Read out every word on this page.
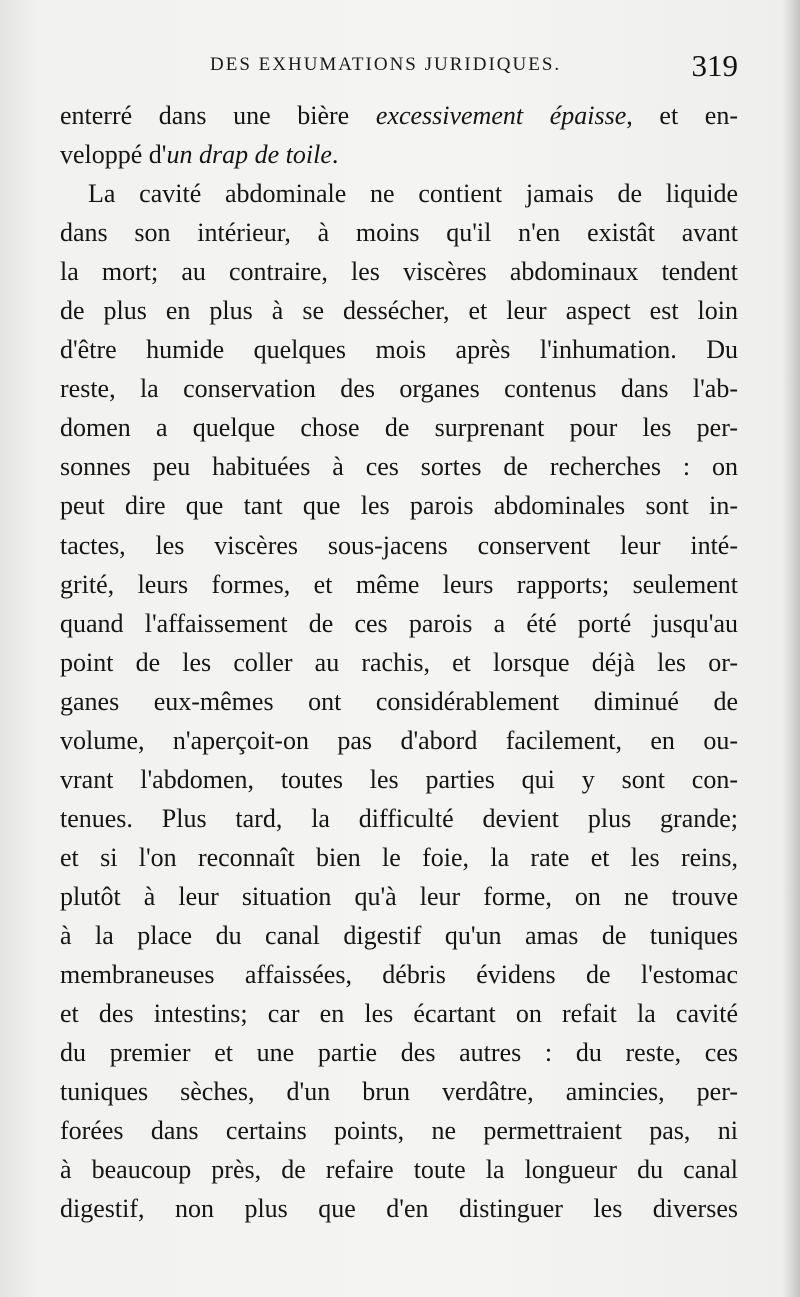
DES EXHUMATIONS JURIDIQUES.	319
enterré dans une bière excessivement épaisse, et en-
veloppé d'un drap de toile.
La cavité abdominale ne contient jamais de liquide
dans son intérieur, à moins qu'il n'en existât avant
la mort; au contraire, les viscères abdominaux tendent
de plus en plus à se dessécher, et leur aspect est loin
d'être humide quelques mois après l'inhumation. Du
reste, la conservation des organes contenus dans l'ab-
domen a quelque chose de surprenant pour les per-
sonnes peu habituées à ces sortes de recherches : on
peut dire que tant que les parois abdominales sont in-
tactes, les viscères sous-jacens conservent leur inté-
grité, leurs formes, et même leurs rapports; seulement
quand l'affaissement de ces parois a été porté jusqu'au
point de les coller au rachis, et lorsque déjà les or-
ganes eux-mêmes ont considérablement diminué de
volume, n'aperçoit-on pas d'abord facilement, en ou-
vrant l'abdomen, toutes les parties qui y sont con-
tenues. Plus tard, la difficulté devient plus grande;
et si l'on reconnaît bien le foie, la rate et les reins,
plutôt à leur situation qu'à leur forme, on ne trouve
à la place du canal digestif qu'un amas de tuniques
membraneuses affaissées, débris évidens de l'estomac
et des intestins; car en les écartant on refait la cavité
du premier et une partie des autres : du reste, ces
tuniques sèches, d'un brun verdâtre, amincies, per-
forées dans certains points, ne permettraient pas, ni
à beaucoup près, de refaire toute la longueur du canal
digestif, non plus que d'en distinguer les diverses
